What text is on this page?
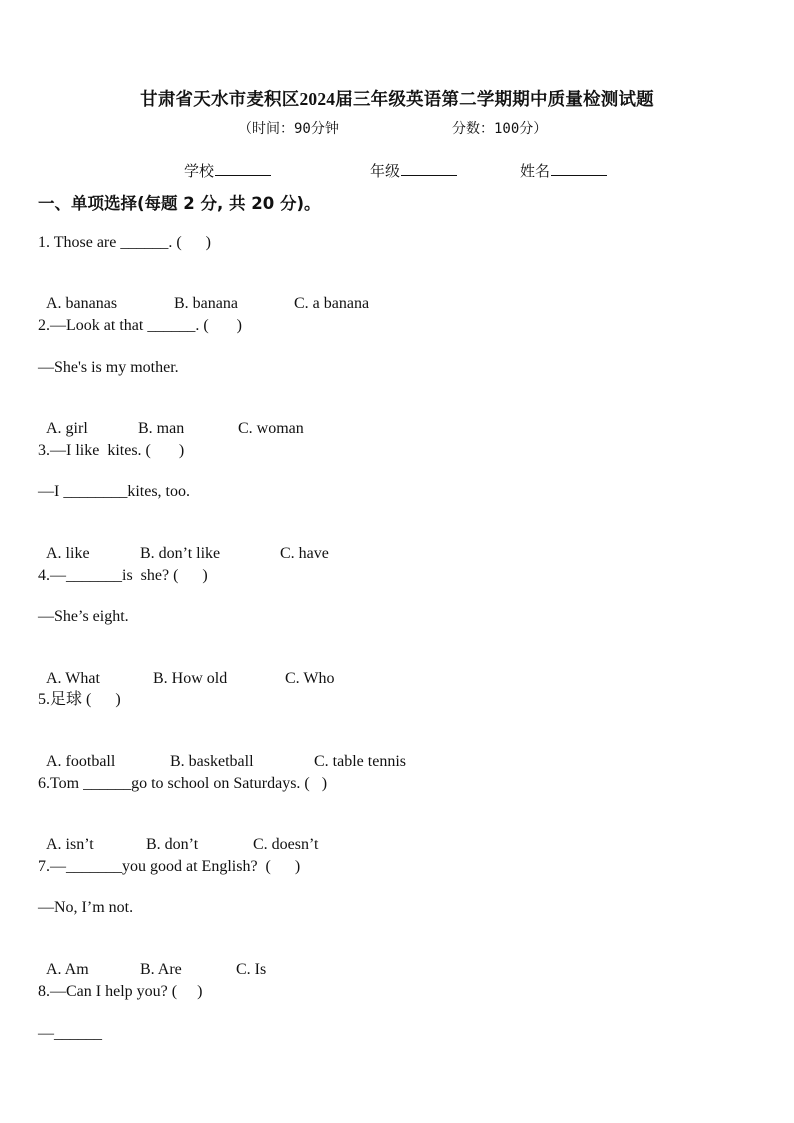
甘肃省天水市麦积区2024届三年级英语第二学期期中质量检测试题
（时间：90分钟	分数：100分）
学校	年级	姓名
一、单项选择(每题 2 分, 共 20 分)。
1. Those are ______. (      )

A. bananas	B. banana	C. a banana

2.—Look at that ______. (       )
—She's is my mother.

A. girl	B. man	C. woman

3.—I like  kites. (       )
—I ________kites, too.

A. like	B. don’t like	C. have

4.—_______is  she? (      )
—She’s eight.

A. What	B. How old	C. Who

5.足球 (      )

A. football	B. basketball	C. table tennis

6.Tom ______go to school on Saturdays. (   )

A. isn’t	B. don’t	C. doesn’t

7.—_______you good at English?  (      )
—No, I’m not.

A. Am	B. Are	C. Is

8.—Can I help you? (     )
—______
